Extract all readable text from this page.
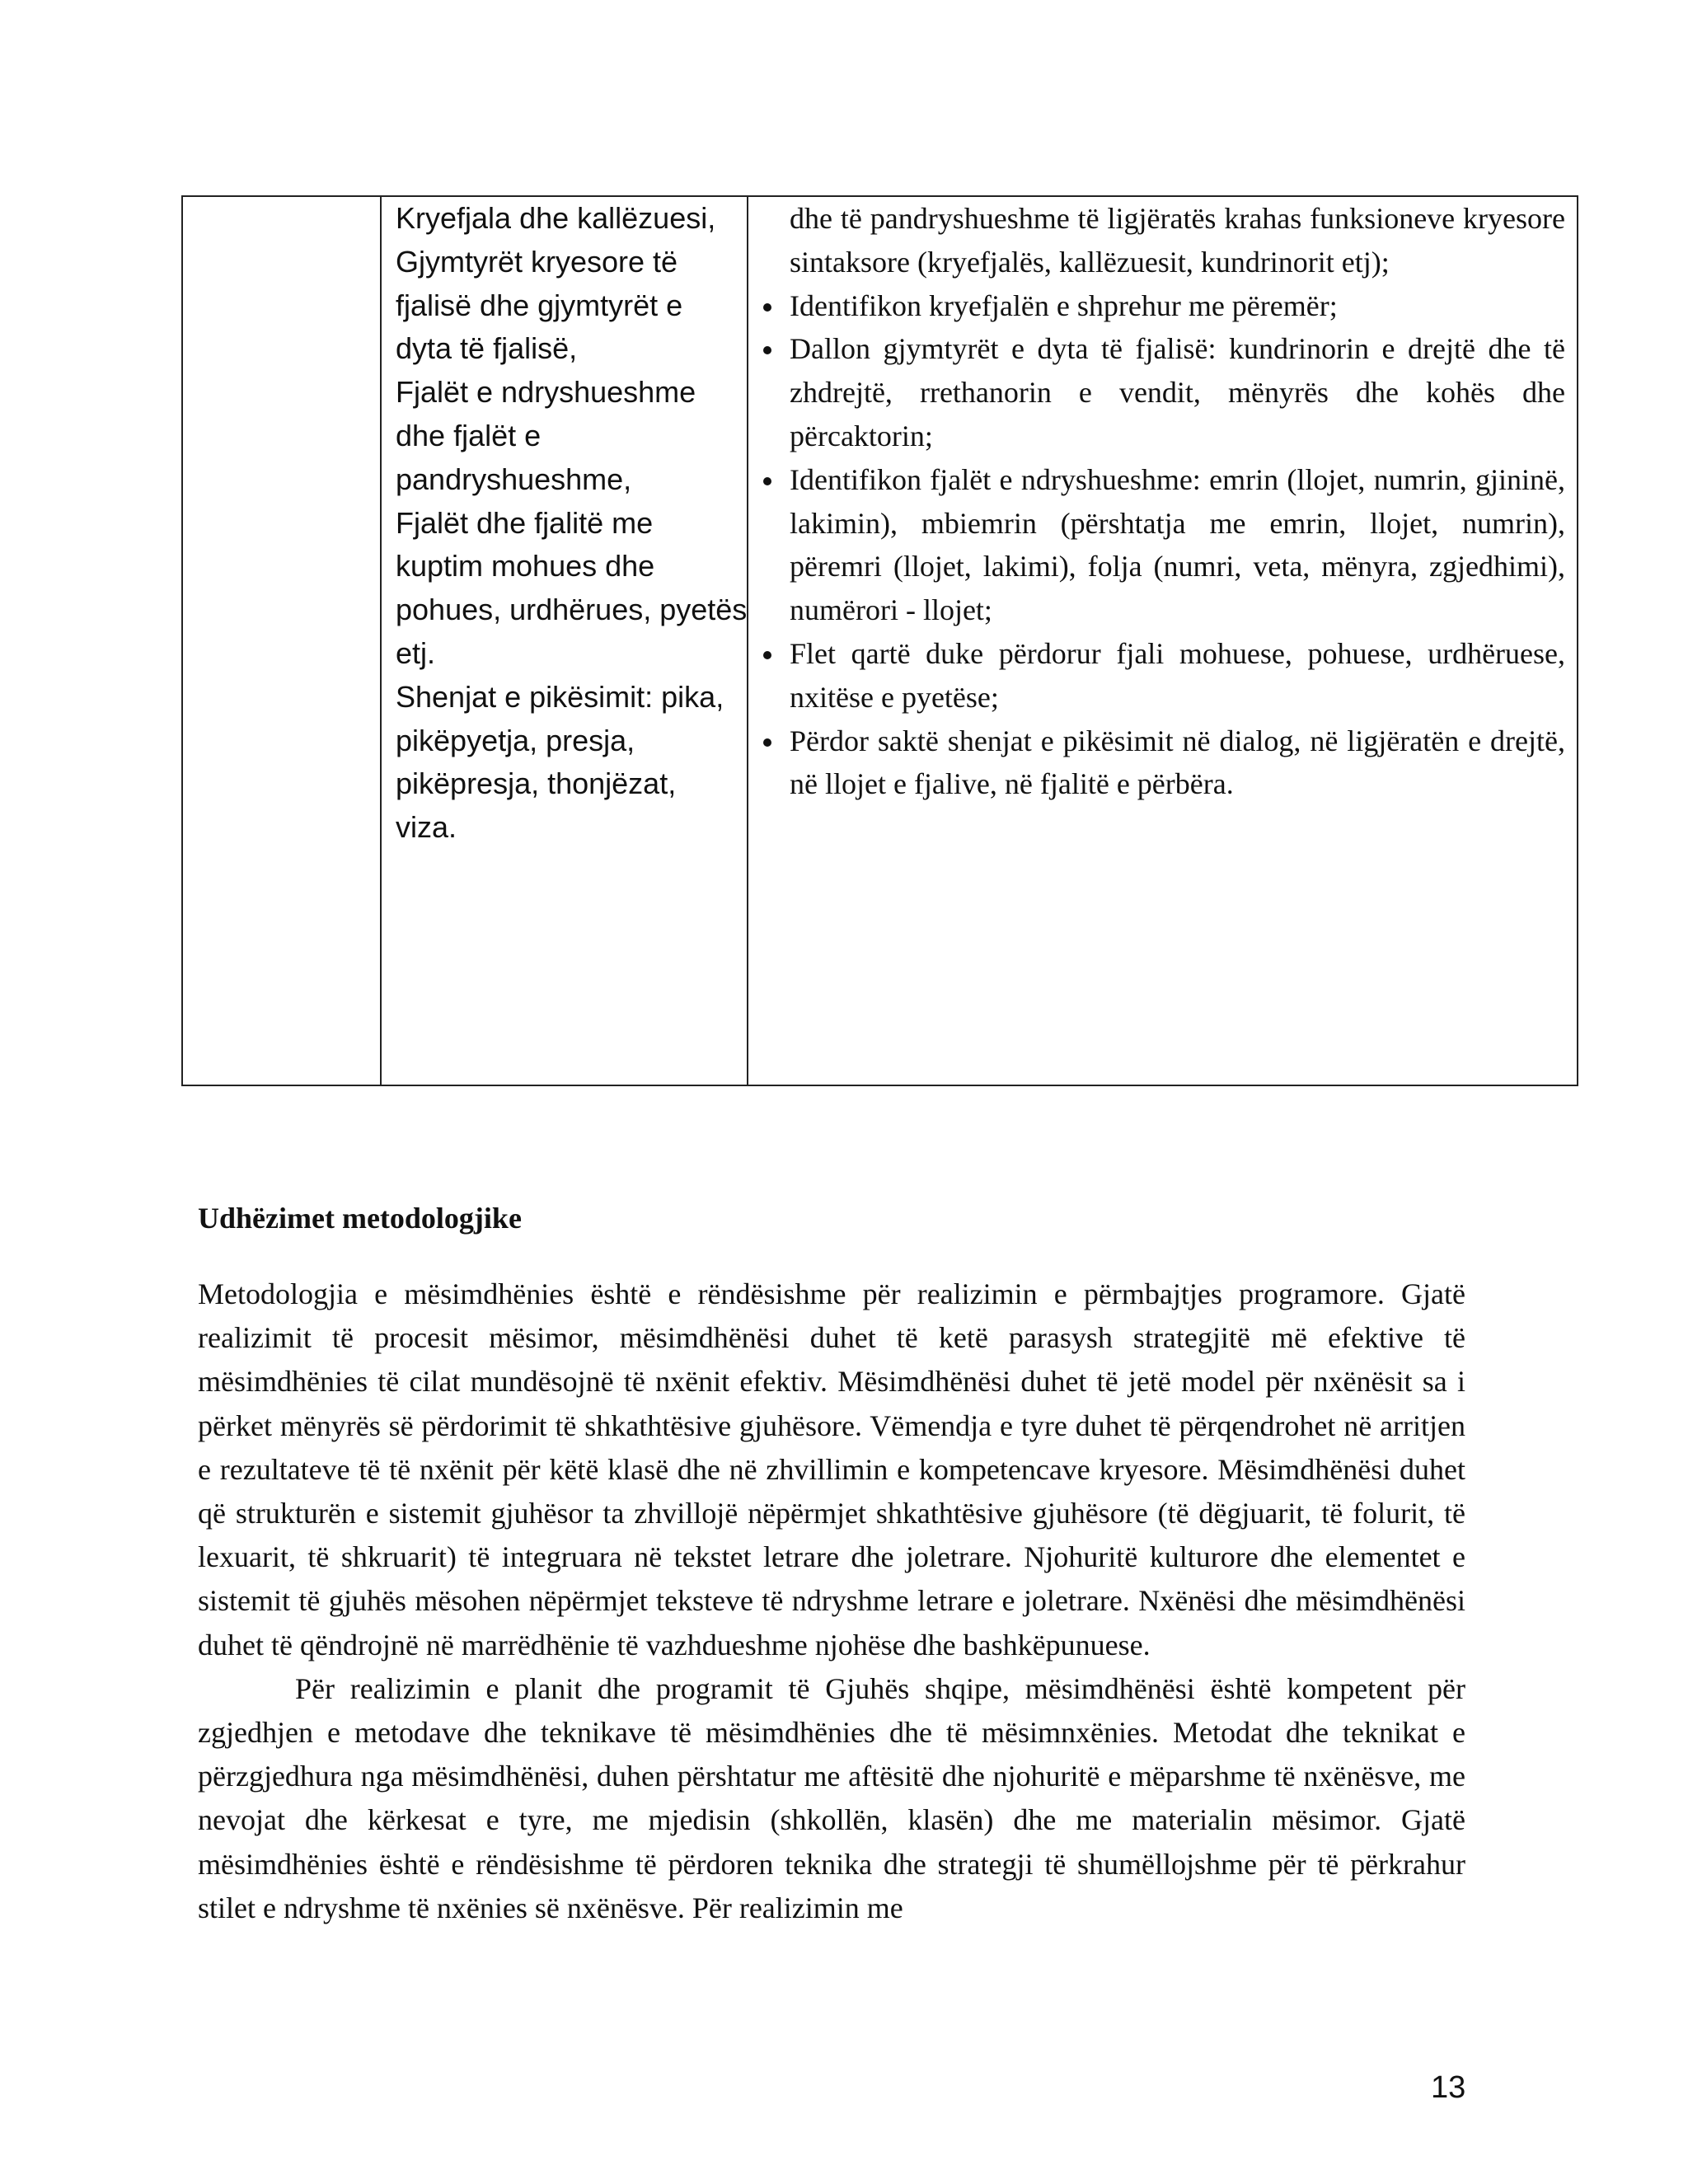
Kryefjala dhe kallëzuesi,
Gjymtyrët kryesore të
fjalisë dhe gjymtyrët e
dyta të fjalisë,
Fjalët e ndryshueshme
dhe fjalët e
pandryshueshme,
Fjalët dhe fjalitë me
kuptim mohues dhe
pohues, urdhërues, pyetës
etj.
Shenjat e pikësimit: pika,
pikëpyetja, presja,
pikëpresja, thonjëzat,
viza.
dhe të pandryshueshme të ligjëratës krahas funksioneve kryesore sintaksore (kryefjalës, kallëzuesit, kundrinorit etj);
Identifikon kryefjalën e shprehur me përemër;
Dallon gjymtyrët e dyta të fjalisë: kundrinorin e drejtë dhe të zhdrejtë, rrethanorin e vendit, mënyrës dhe kohës dhe përcaktorin;
Identifikon fjalët e ndryshueshme: emrin (llojet, numrin, gjininë, lakimin), mbiemrin (përshtatja me emrin, llojet, numrin), përemri (llojet, lakimi), folja (numri, veta, mënyra, zgjedhimi), numërori - llojet;
Flet qartë duke përdorur fjali mohuese, pohuese, urdhëruese, nxitëse e pyetëse;
Përdor saktë shenjat e pikësimit në dialog, në ligjëratën e drejtë, në llojet e fjalive, në fjalitë e përbëra.
Udhëzimet metodologjike

Metodologjia e mësimdhënies është e rëndësishme për realizimin e përmbajtjes programore. Gjatë realizimit të procesit mësimor, mësimdhënësi duhet të ketë parasysh strategjitë më efektive të mësimdhënies të cilat mundësojnë të nxënit efektiv. Mësimdhënësi duhet të jetë model për nxënësit sa i përket mënyrës së përdorimit të shkathtësive gjuhësore. Vëmendja e tyre duhet të përqendrohet në arritjen e rezultateve të të nxënit për këtë klasë dhe në zhvillimin e kompetencave kryesore. Mësimdhënësi duhet që strukturën e sistemit gjuhësor ta zhvillojë nëpërmjet shkathtësive gjuhësore (të dëgjuarit, të folurit, të lexuarit, të shkruarit) të integruara në tekstet letrare dhe joletrare. Njohuritë kulturore dhe elementet e sistemit të gjuhës mësohen nëpërmjet teksteve të ndryshme letrare e joletrare. Nxënësi dhe mësimdhënësi duhet të qëndrojnë në marrëdhënie të vazhdueshme njohëse dhe bashkëpunuese.

Për realizimin e planit dhe programit të Gjuhës shqipe, mësimdhënësi është kompetent për zgjedhjen e metodave dhe teknikave të mësimdhënies dhe të mësimnxënies. Metodat dhe teknikat e përzgjedhura nga mësimdhënësi, duhen përshtatur me aftësitë dhe njohuritë e mëparshme të nxënësve, me nevojat dhe kërkesat e tyre, me mjedisin (shkollën, klasën) dhe me materialin mësimor. Gjatë mësimdhënies është e rëndësishme të përdoren teknika dhe strategji të shumëllojshme për të përkrahur stilet e ndryshme të nxënies së nxënësve. Për realizimin me

13
